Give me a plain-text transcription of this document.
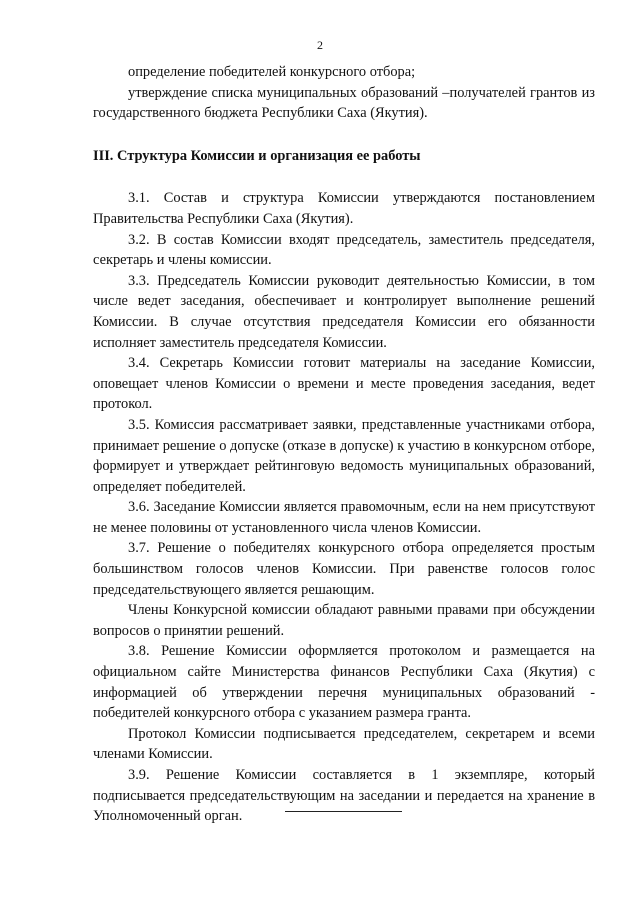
2

определение победителей конкурсного отбора;

утверждение списка муниципальных образований –получателей грантов из государственного бюджета Республики Саха (Якутия).

III. Структура Комиссии и организация ее работы

3.1. Состав и структура Комиссии утверждаются постановлением Правительства Республики Саха (Якутия).

3.2. В состав Комиссии входят председатель, заместитель председателя, секретарь и члены комиссии.

3.3. Председатель Комиссии руководит деятельностью Комиссии, в том числе ведет заседания, обеспечивает и контролирует выполнение решений Комиссии. В случае отсутствия председателя Комиссии его обязанности исполняет заместитель председателя Комиссии.

3.4. Секретарь Комиссии готовит материалы на заседание Комиссии, оповещает членов Комиссии о времени и месте проведения заседания, ведет протокол.

3.5. Комиссия рассматривает заявки, представленные участниками отбора, принимает решение о допуске (отказе в допуске) к участию в конкурсном отборе, формирует и утверждает рейтинговую ведомость муниципальных образований, определяет победителей.

3.6. Заседание Комиссии является правомочным, если на нем присутствуют не менее половины от установленного числа членов Комиссии.

3.7. Решение о победителях конкурсного отбора определяется простым большинством голосов членов Комиссии. При равенстве голосов голос председательствующего является решающим.

Члены Конкурсной комиссии обладают равными правами при обсуждении вопросов о принятии решений.

3.8. Решение Комиссии оформляется протоколом и размещается на официальном сайте Министерства финансов Республики Саха (Якутия) с информацией об утверждении перечня муниципальных образований - победителей конкурсного отбора с указанием размера гранта.

Протокол Комиссии подписывается председателем, секретарем и всеми членами Комиссии.

3.9. Решение Комиссии составляется в 1 экземпляре, который подписывается председательствующим на заседании и передается на хранение в Уполномоченный орган.
